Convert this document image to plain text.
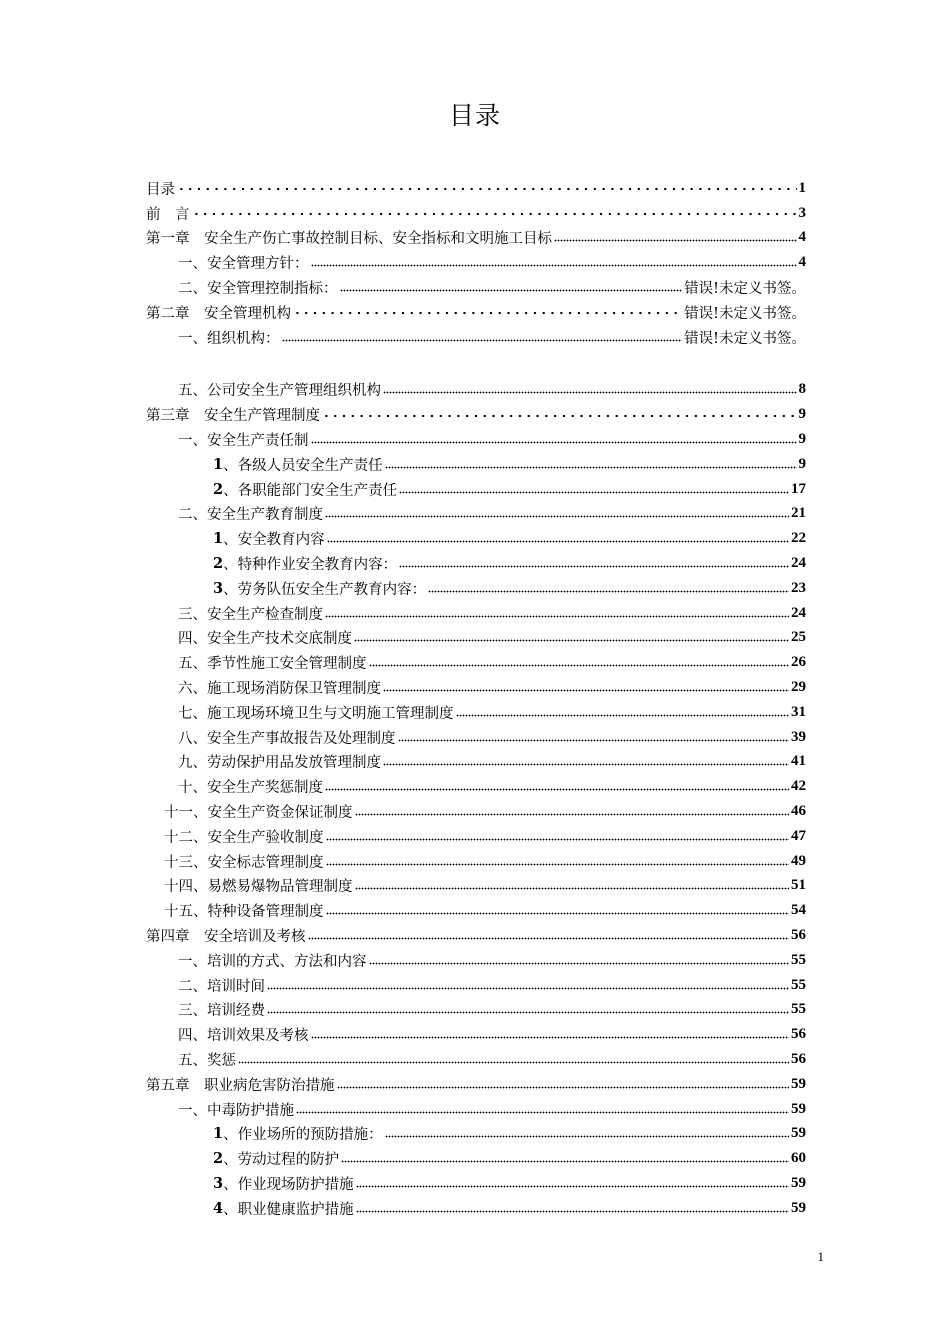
目录
目录	1
前　言	3
第一章　安全生产伤亡事故控制目标、安全指标和文明施工目标	4
一、安全管理方针：	4
二、安全管理控制指标：	错误!未定义书签。
第二章　安全管理机构	错误!未定义书签。
一、组织机构：	错误!未定义书签。
五、公司安全生产管理组织机构	8
第三章　安全生产管理制度	9
一、安全生产责任制	9
1 、各级人员安全生产责任	9
2 、各职能部门安全生产责任	17
二、安全生产教育制度	21
1 、安全教育内容	22
2 、特种作业安全教育内容：	24
3 、劳务队伍安全生产教育内容：	23
三、安全生产检查制度	24
四、安全生产技术交底制度	25
五、季节性施工安全管理制度	26
六、施工现场消防保卫管理制度	29
七、施工现场环境卫生与文明施工管理制度	31
八、安全生产事故报告及处理制度	39
九、劳动保护用品发放管理制度	41
十、安全生产奖惩制度	42
十一、安全生产资金保证制度	46
十二、安全生产验收制度	47
十三、安全标志管理制度	49
十四、易燃易爆物品管理制度	51
十五、特种设备管理制度	54
第四章　安全培训及考核	56
一、培训的方式、方法和内容	55
二、培训时间	55
三、培训经费	55
四、培训效果及考核	56
五、奖惩	56
第五章　职业病危害防治措施	59
一、中毒防护措施	59
1 、作业场所的预防措施：	59
2 、劳动过程的防护	60
3 、作业现场防护措施	59
4 、职业健康监护措施	59
1
